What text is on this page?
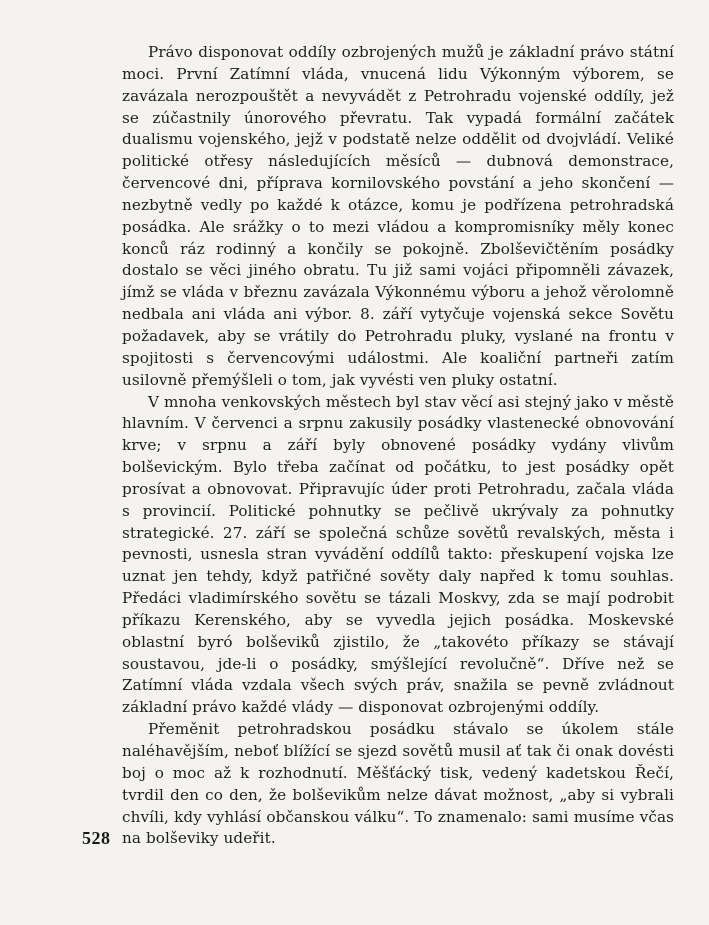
Právo disponovat oddíly ozbrojených mužů je základní právo státní moci. První Zatímní vláda, vnucená lidu Výkonným výborem, se zavázala nerozpouštět a nevyvádět z Petrohradu vojenské oddíly, jež se zúčastnily únorového převratu. Tak vypadá formální začátek dualismu vojenského, jejž v podstatě nelze oddělit od dvojvládí. Veliké politické otřesy následujících měsíců — dubnová demonstrace, červencové dni, příprava kornilovského povstání a jeho skončení — nezbytně vedly po každé k otázce, komu je podřízena petrohradská posádka. Ale srážky o to mezi vládou a kompromisníky měly konec konců ráz rodinný a končily se pokojně. Zbolševičtěním posádky dostalo se věci jiného obratu. Tu již sami vojáci připomněli závazek, jímž se vláda v březnu zavázala Výkonnému výboru a jehož věrolomně nedbala ani vláda ani výbor. 8. září vytyčuje vojenská sekce Sovětu požadavek, aby se vrátily do Petrohradu pluky, vyslané na frontu v spojitosti s červencovými událostmi. Ale koaliční partneři zatím usilovně přemýšleli o tom, jak vyvésti ven pluky ostatní.

V mnoha venkovských městech byl stav věcí asi stejný jako v městě hlavním. V červenci a srpnu zakusily posádky vlastenecké obnovování krve; v srpnu a září byly obnovené posádky vydány vlivům bolševickým. Bylo třeba začínat od počátku, to jest posádky opět prosívat a obnovovat. Připravujíc úder proti Petrohradu, začala vláda s provincií. Politické pohnutky se pečlivě ukrývaly za pohnutky strategické. 27. září se společná schůze sovětů revalských, města i pevnosti, usnesla stran vyvádění oddílů takto: přeskupení vojska lze uznat jen tehdy, když patřičné sověty daly napřed k tomu souhlas. Předáci vladimírského sovětu se tázali Moskvy, zda se mají podrobit příkazu Kerenského, aby se vyvedla jejich posádka. Moskevské oblastní byró bolševiků zjistilo, že „takovéto příkazy se stávají soustavou, jde-li o posádky, smýšlející revolučně“. Dříve než se Zatímní vláda vzdala všech svých práv, snažila se pevně zvládnout základní právo každé vlády — disponovat ozbrojenými oddíly.

Přeměnit petrohradskou posádku stávalo se úkolem stále naléhavějším, neboť blížící se sjezd sovětů musil ať tak či onak dovésti boj o moc až k rozhodnutí. Měšťácký tisk, vedený kadetskou Řečí, tvrdil den co den, že bolševikům nelze dávat možnost, „aby si vybrali chvíli, kdy vyhlásí občanskou válku“. To znamenalo: sami musíme včas na bolševiky udeřit.

528
